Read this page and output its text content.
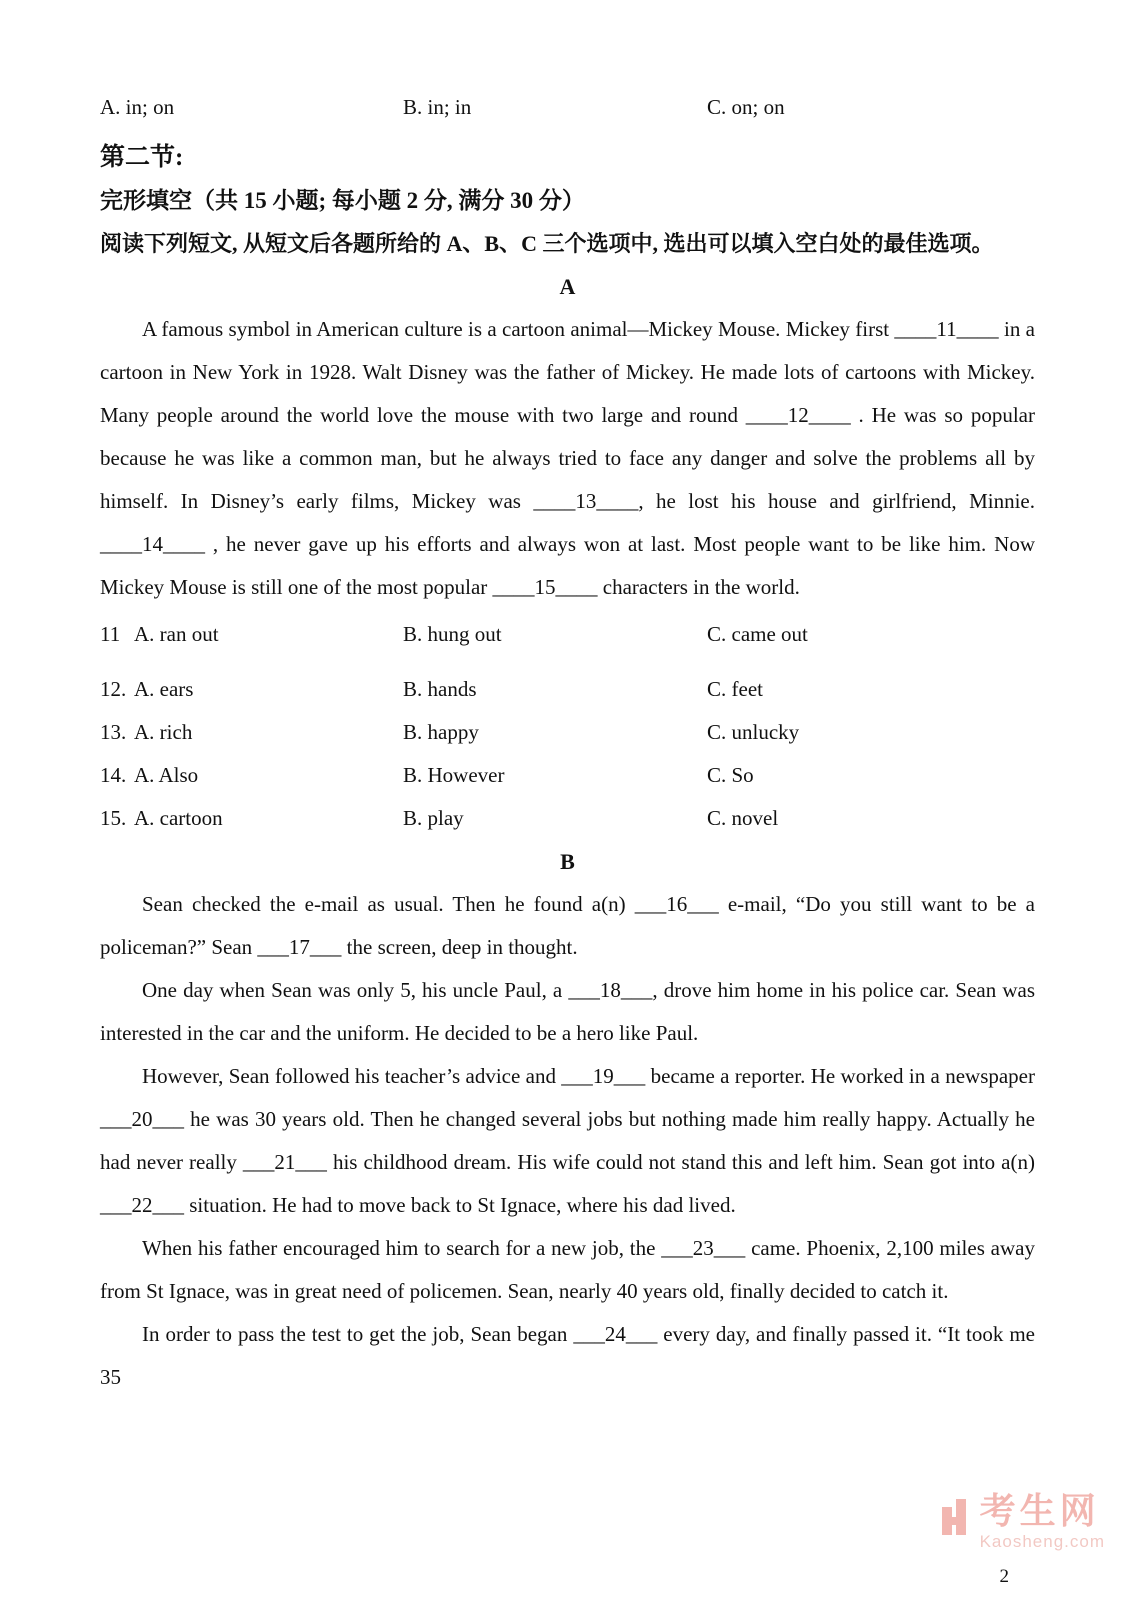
A. in; on	B. in; in	C. on; on
第二节:
完形填空（共 15 小题; 每小题 2 分, 满分 30 分）
阅读下列短文, 从短文后各题所给的 A、B、C 三个选项中, 选出可以填入空白处的最佳选项。
A

A famous symbol in American culture is a cartoon animal—Mickey Mouse. Mickey first ____11____ in a cartoon in New York in 1928. Walt Disney was the father of Mickey. He made lots of cartoons with Mickey. Many people around the world love the mouse with two large and round ____12____ . He was so popular because he was like a common man, but he always tried to face any danger and solve the problems all by himself. In Disney’s early films, Mickey was ____13____, he lost his house and girlfriend, Minnie. ____14____ , he never gave up his efforts and always won at last. Most people want to be like him. Now Mickey Mouse is still one of the most popular ____15____ characters in the world.

11 A. ran out	B. hung out	C. came out
12. A. ears	B. hands	C. feet
13. A. rich	B. happy	C. unlucky
14. A. Also	B. However	C. So
15. A. cartoon	B. play	C. novel
B

Sean checked the e-mail as usual. Then he found a(n) ___16___ e-mail, “Do you still want to be a policeman?” Sean ___17___ the screen, deep in thought.

One day when Sean was only 5, his uncle Paul, a ___18___, drove him home in his police car. Sean was interested in the car and the uniform. He decided to be a hero like Paul.

However, Sean followed his teacher’s advice and ___19___ became a reporter. He worked in a newspaper ___20___ he was 30 years old. Then he changed several jobs but nothing made him really happy. Actually he had never really ___21___ his childhood dream. His wife could not stand this and left him. Sean got into a(n) ___22___ situation. He had to move back to St Ignace, where his dad lived.

When his father encouraged him to search for a new job, the ___23___ came. Phoenix, 2,100 miles away from St Ignace, was in great need of policemen. Sean, nearly 40 years old, finally decided to catch it.

In order to pass the test to get the job, Sean began ___24___ every day, and finally passed it. “It took me 35

考生网
Kaosheng.com
2
